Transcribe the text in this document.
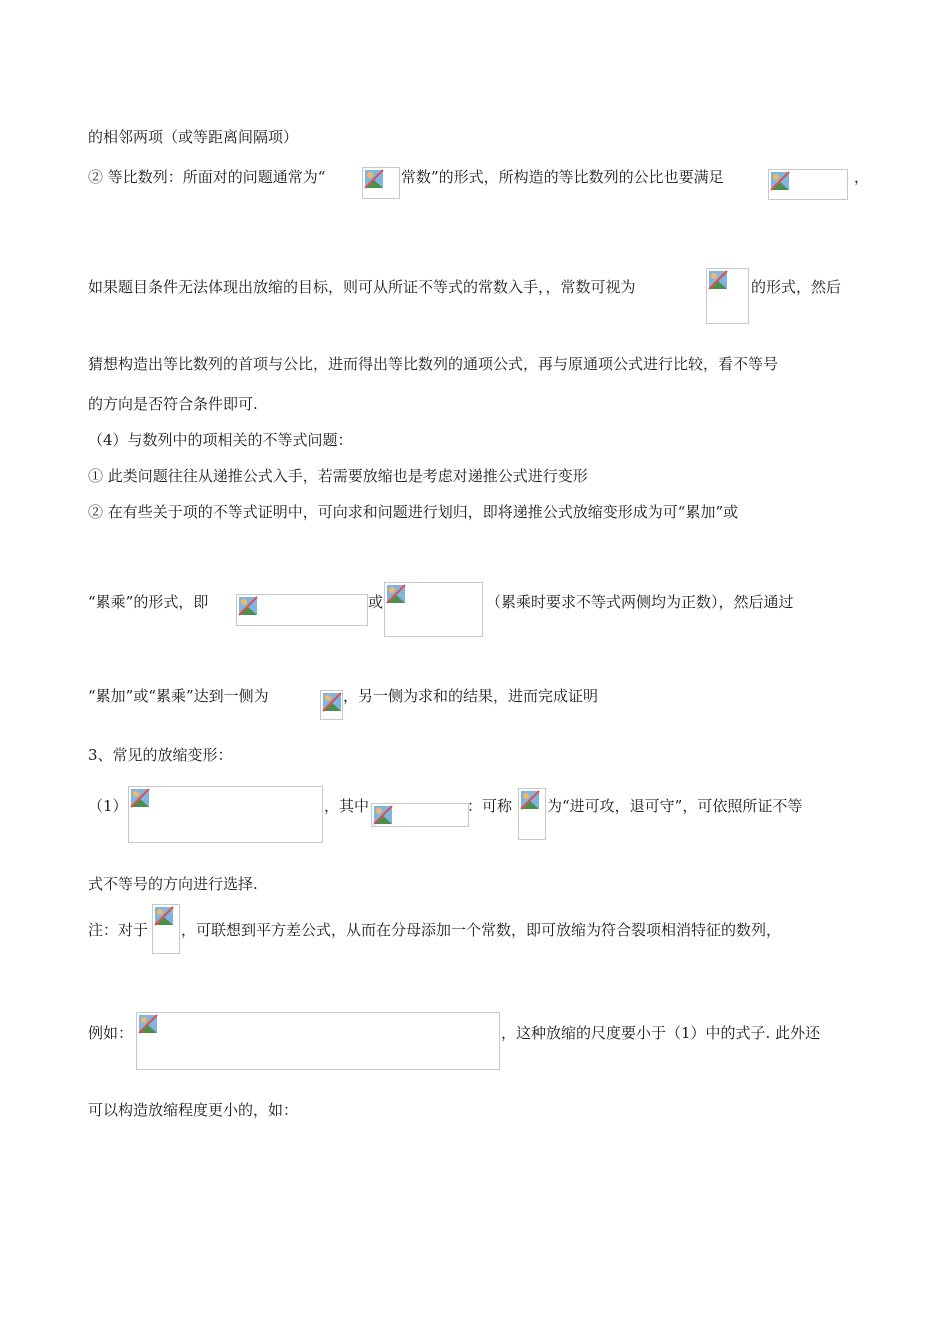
的相邻两项（或等距离间隔项）
② 等比数列：所面对的问题通常为“	常数”的形式，所构造的等比数列的公比也要满足	，
如果题目条件无法体现出放缩的目标，则可从所证不等式的常数入手，，常数可视为	的形式，然后
猜想构造出等比数列的首项与公比，进而得出等比数列的通项公式，再与原通项公式进行比较，看不等号
的方向是否符合条件即可.
（4）与数列中的项相关的不等式问题：
① 此类问题往往从递推公式入手，若需要放缩也是考虑对递推公式进行变形
② 在有些关于项的不等式证明中，可向求和问题进行划归，即将递推公式放缩变形成为可“累加”或
“累乘”的形式，即	或	（累乘时要求不等式两侧均为正数），然后通过
“累加”或“累乘”达到一侧为	，另一侧为求和的结果，进而完成证明
3、常见的放缩变形：
（1）	，其中	：可称 为“进可攻，退可守”，可依照所证不等
式不等号的方向进行选择.
注：对于 ，可联想到平方差公式，从而在分母添加一个常数，即可放缩为符合裂项相消特征的数列，
例如：	，这种放缩的尺度要小于（1）中的式子. 此外还
可以构造放缩程度更小的，如：
